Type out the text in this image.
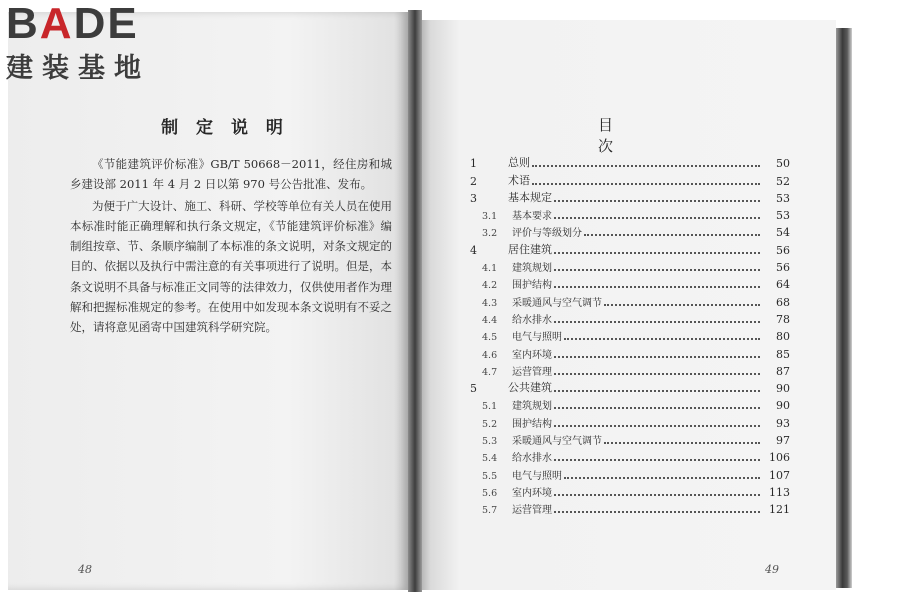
BADE
建装基地
制 定 说 明

《节能建筑评价标准》GB/T 50668－2011，经住房和城乡建设部 2011 年 4 月 2 日以第 970 号公告批准、发布。

为便于广大设计、施工、科研、学校等单位有关人员在使用本标准时能正确理解和执行条文规定，《节能建筑评价标准》编制组按章、节、条顺序编制了本标准的条文说明，对条文规定的目的、依据以及执行中需注意的有关事项进行了说明。但是，本条文说明不具备与标准正文同等的法律效力，仅供使用者作为理解和把握标准规定的参考。在使用中如发现本条文说明有不妥之处，请将意见函寄中国建筑科学研究院。

48
目　次
1	总则	50
2	术语	52
3	基本规定	53
3.1	基本要求	53
3.2	评价与等级划分	54
4	居住建筑	56
4.1	建筑规划	56
4.2	围护结构	64
4.3	采暖通风与空气调节	68
4.4	给水排水	78
4.5	电气与照明	80
4.6	室内环境	85
4.7	运营管理	87
5	公共建筑	90
5.1	建筑规划	90
5.2	围护结构	93
5.3	采暖通风与空气调节	97
5.4	给水排水	106
5.5	电气与照明	107
5.6	室内环境	113
5.7	运营管理	121
49
